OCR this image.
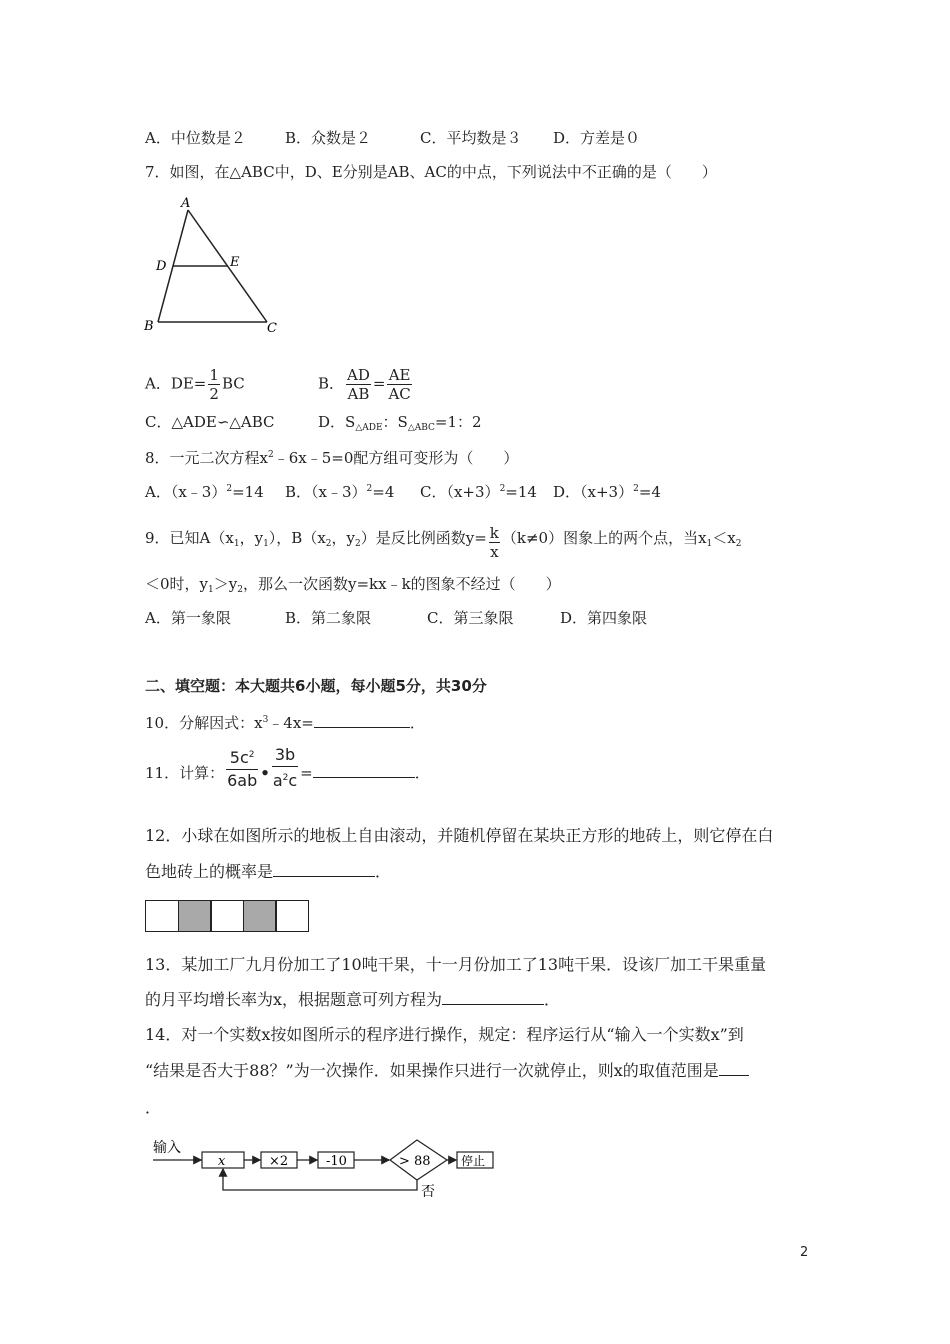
A．中位数是２	B．众数是２	C．平均数是３ D．方差是０
7．如图，在△ABC中，D、E分别是AB、AC的中点，下列说法中不正确的是（　　）
A
D	E
B	C
A．$DE= \frac{1}{2}$ BC	B． $\frac{AD}{AB} = \frac{AE}{AC}$
C．△ADE∽△ABC	D．$S_{\triangle ADE}$：$S_{\triangle ABC}=1$：2
8．一元二次方程$x^2﹣6x﹣5=0$配方组可变形为（　　）
A．（x﹣3）$^2$=14 B．（x﹣3）$^2$=4 C．$(x+3)^2=14$ D．$(x+3)^2=4$
9．已知$A(x_1$，$y_1$），$B(x_2$，$y_2$）是反比例函数$y= \frac{k}{x} (k\ne 0)$图象上的两个点，当$x_1<x_2$
＜0时，$y_1>y_2$，那么一次函数y=kx﹣k的图象不经过（　　）
A．第一象限	B．第二象限	C．第三象限	D．第四象限
二、填空题：本大题共6小题，每小题5分，共30分
10．分解因式：$x^3﹣4x=$	．
11．计算： $\frac{5c^2}{6ab}$ • $\frac{3b}{a^2c}$ =	．
12．小球在如图所示的地板上自由滚动，并随机停留在某块正方形的地砖上，则它停在白
色地砖上的概率是	．
13．某加工厂九月份加工了10吨干果，十一月份加工了13吨干果．设该厂加工干果重量
的月平均增长率为x，根据题意可列方程为	．
14．对一个实数x按如图所示的程序进行操作，规定：程序运行从“输入一个实数x”到
“结果是否大于88？”为一次操作．如果操作只进行一次就停止，则x的取值范围是
．
输入
x	×2	-10	> 88	停止
否
2
